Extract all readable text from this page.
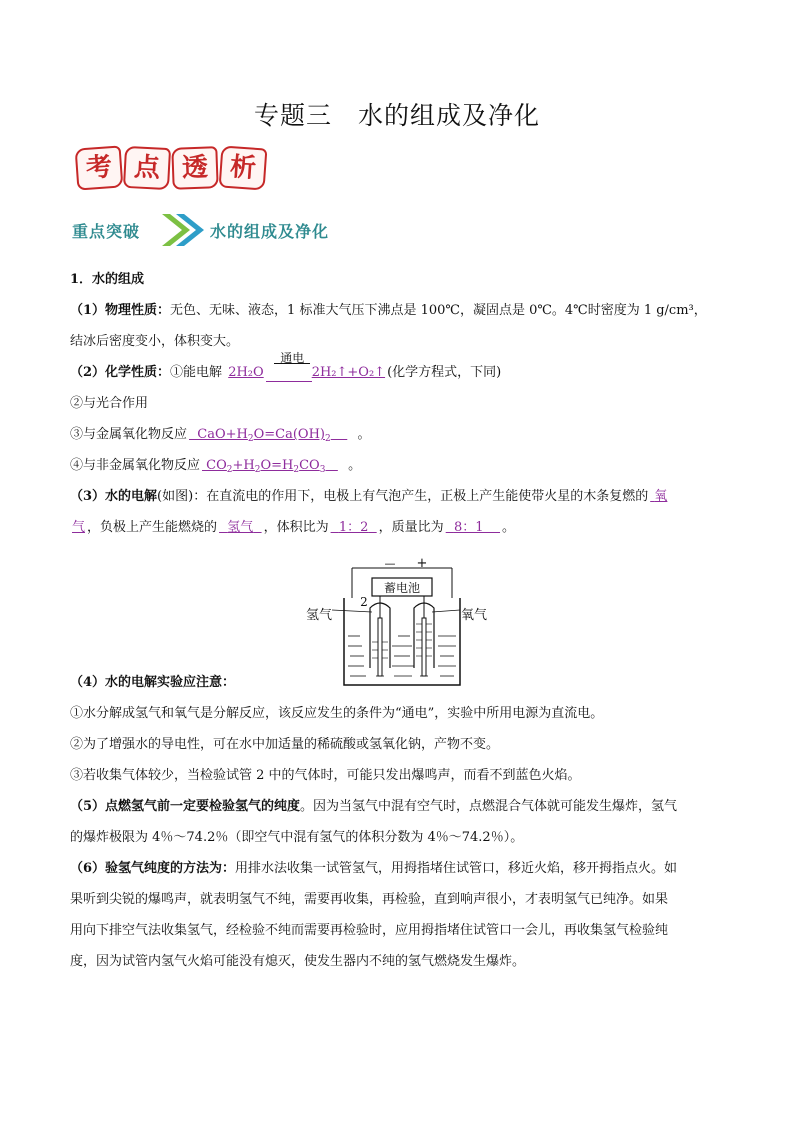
专题三　水的组成及净化
考 点 透 析
重点突破	水的组成及净化
1．水的组成
（1）物理性质：无色、无味、液态，1 标准大气压下沸点是 100℃，凝固点是 0℃。4℃时密度为 1 g/cm³，
结冰后密度变小，体积变大。
（2）化学性质：①能电解 2H₂O	2H₂↑+O₂↑
通电
(化学方程式，下同)
②与光合作用
③与金属氧化物反应  $CaO+H_2O=Ca(OH)_2$ 。
④与非金属氧化物反应 $CO_2+H_2O=H_2CO_3$ 。
（3）水的电解(如图)：在直流电的作用下，电极上有气泡产生，正极上产生能使带火星的木条复燃的 氧
气 ，负极上产生能燃烧的 氢气 ，体积比为 1：2 ，质量比为 8：1 。
（4）水的电解实验应注意：
①水分解成氢气和氧气是分解反应，该反应发生的条件为“通电”，实验中所用电源为直流电。
②为了增强水的导电性，可在水中加适量的稀硫酸或氢氧化钠，产物不变。
③若收集气体较少，当检验试管 2 中的气体时，可能只发出爆鸣声，而看不到蓝色火焰。
（5）点燃氢气前一定要检验氢气的纯度。因为当氢气中混有空气时，点燃混合气体就可能发生爆炸，氢气
的爆炸极限为 4％～74.2％（即空气中混有氢气的体积分数为 4％～74.2％）。
（6）验氢气纯度的方法为：用排水法收集一试管氢气，用拇指堵住试管口，移近火焰，移开拇指点火。如
果听到尖锐的爆鸣声，就表明氢气不纯，需要再收集，再检验，直到响声很小，才表明氢气已纯净。如果
用向下排空气法收集氢气，经检验不纯而需要再检验时，应用拇指堵住试管口一会儿，再收集氢气检验纯
度，因为试管内氢气火焰可能没有熄灭，使发生器内不纯的氢气燃烧发生爆炸。
蓄电池
— +
2
氢气	氧气
